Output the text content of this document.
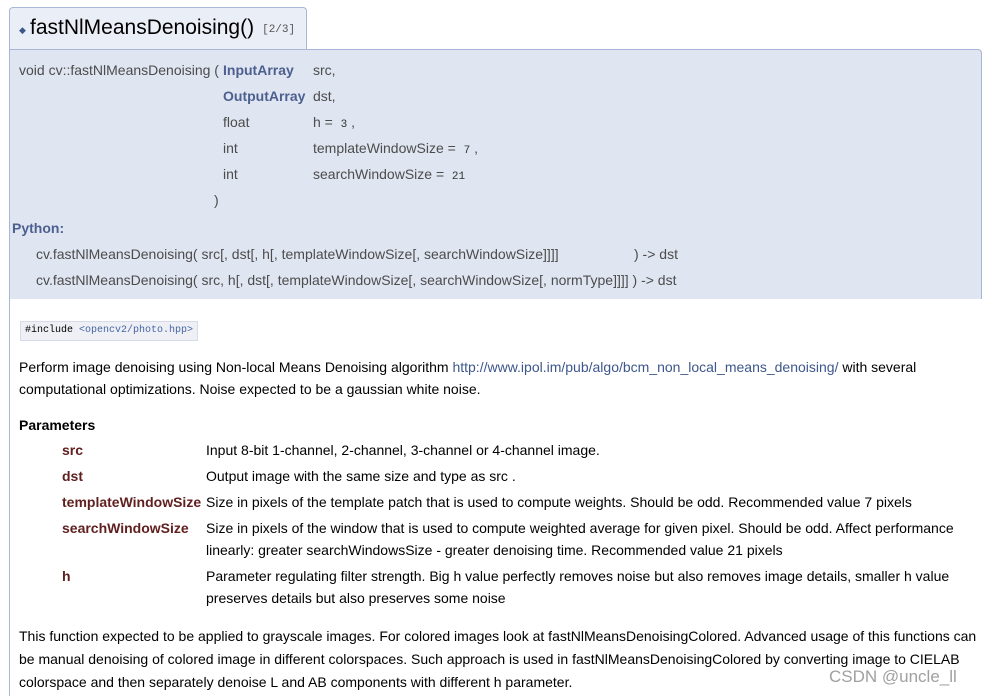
◆ fastNlMeansDenoising() [2/3]
void cv::fastNlMeansDenoising ( InputArray src,
OutputArray dst,
float	h = 3 ,
int	templateWindowSize = 7 ,
int	searchWindowSize = 21
)
Python:
cv.fastNlMeansDenoising( src[, dst[, h[, templateWindowSize[, searchWindowSize]]]]	) -> dst
cv.fastNlMeansDenoising( src, h[, dst[, templateWindowSize[, searchWindowSize[, normType]]]] ) -> dst
#include <opencv2/photo.hpp>
Perform image denoising using Non-local Means Denoising algorithm http://www.ipol.im/pub/algo/bcm_non_local_means_denoising/ with several
computational optimizations. Noise expected to be a gaussian white noise.
Parameters
src	Input 8-bit 1-channel, 2-channel, 3-channel or 4-channel image.
dst	Output image with the same size and type as src .
templateWindowSize Size in pixels of the template patch that is used to compute weights. Should be odd. Recommended value 7 pixels
searchWindowSize Size in pixels of the window that is used to compute weighted average for given pixel. Should be odd. Affect performance
linearly: greater searchWindowsSize - greater denoising time. Recommended value 21 pixels
h	Parameter regulating filter strength. Big h value perfectly removes noise but also removes image details, smaller h value
preserves details but also preserves some noise
This function expected to be applied to grayscale images. For colored images look at fastNlMeansDenoisingColored. Advanced usage of this functions can
be manual denoising of colored image in different colorspaces. Such approach is used in fastNlMeansDenoisingColored by converting image to CIELAB
colorspace and then separately denoise L and AB components with different h parameter.	CSDN @uncle_ll
